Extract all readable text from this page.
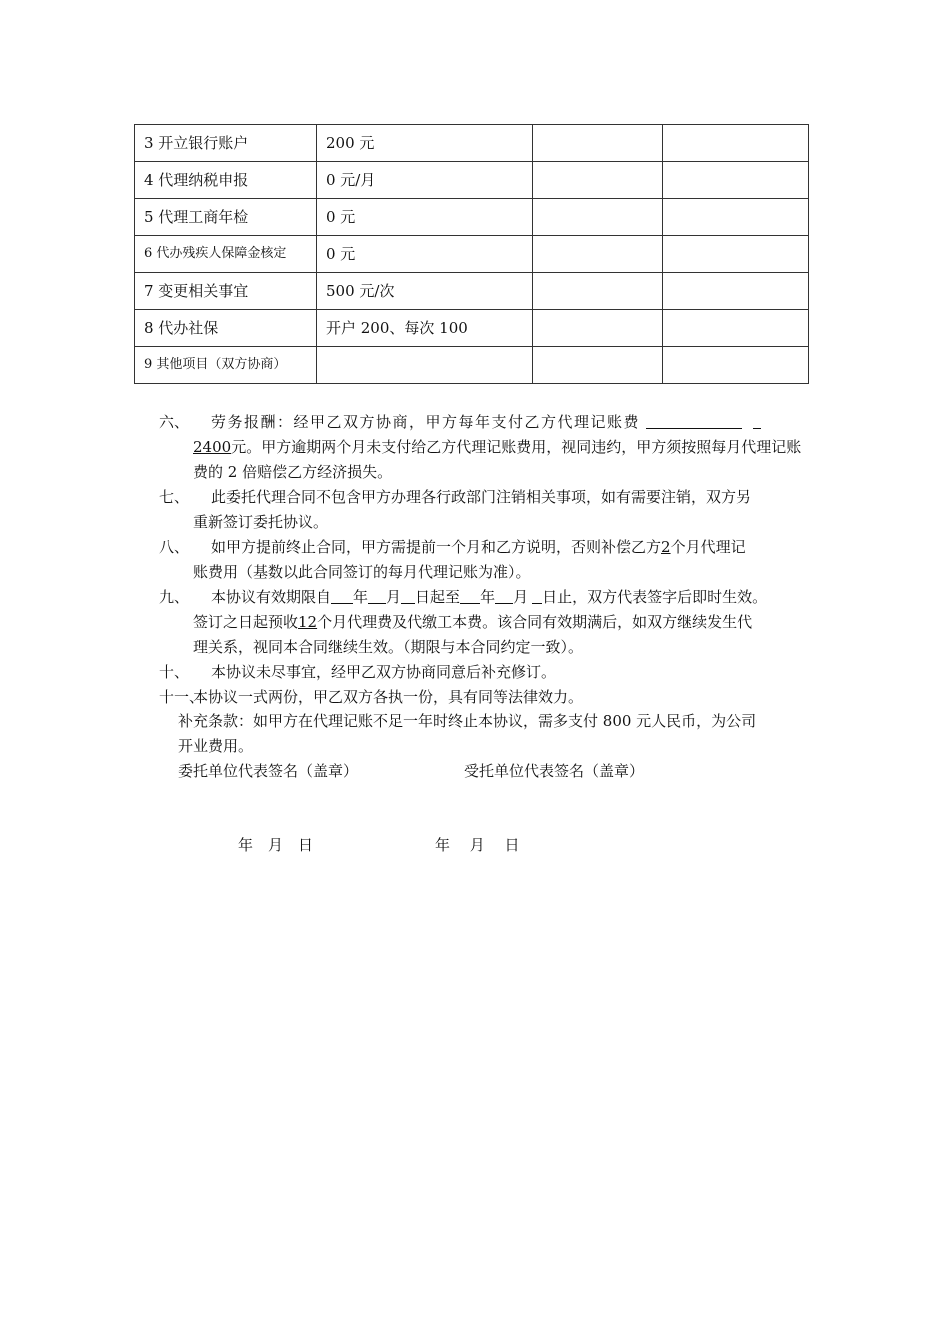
3 开立银行账户	200 元		
4 代理纳税申报	0 元/月		
5 代理工商年检	0 元		
6 代办残疾人保障金核定	0 元		
7 变更相关事宜	500 元/次		
8 代办社保	开户 200、每次 100		
9 其他项目（双方协商）			
六、	劳务报酬：经甲乙双方协商，甲方每年支付乙方代理记账费
2400元。甲方逾期两个月未支付给乙方代理记账费用，视同违约，甲方须按照每月代理记账费的 2 倍赔偿乙方经济损失。
七、	此委托代理合同不包含甲方办理各行政部门注销相关事项，如有需要注销，双方另
重新签订委托协议。
八、	如甲方提前终止合同，甲方需提前一个月和乙方说明，否则补偿乙方2个月代理记
账费用（基数以此合同签订的每月代理记账为准）。
九、	本协议有效期限自 年 月 日起至 年 月 日止，双方代表签字后即时生效。
签订之日起预收12个月代理费及代缴工本费。该合同有效期满后，如双方继续发生代
理关系，视同本合同继续生效。（期限与本合同约定一致）。
十、	本协议未尽事宜，经甲乙双方协商同意后补充修订。
十一、
本协议一式两份，甲乙双方各执一份，具有同等法律效力。
补充条款：如甲方在代理记账不足一年时终止本协议，需多支付 800 元人民币，为公司
开业费用。
委托单位代表签名（盖章）	受托单位代表签名（盖章）
年　月　日	年　 月　 日
